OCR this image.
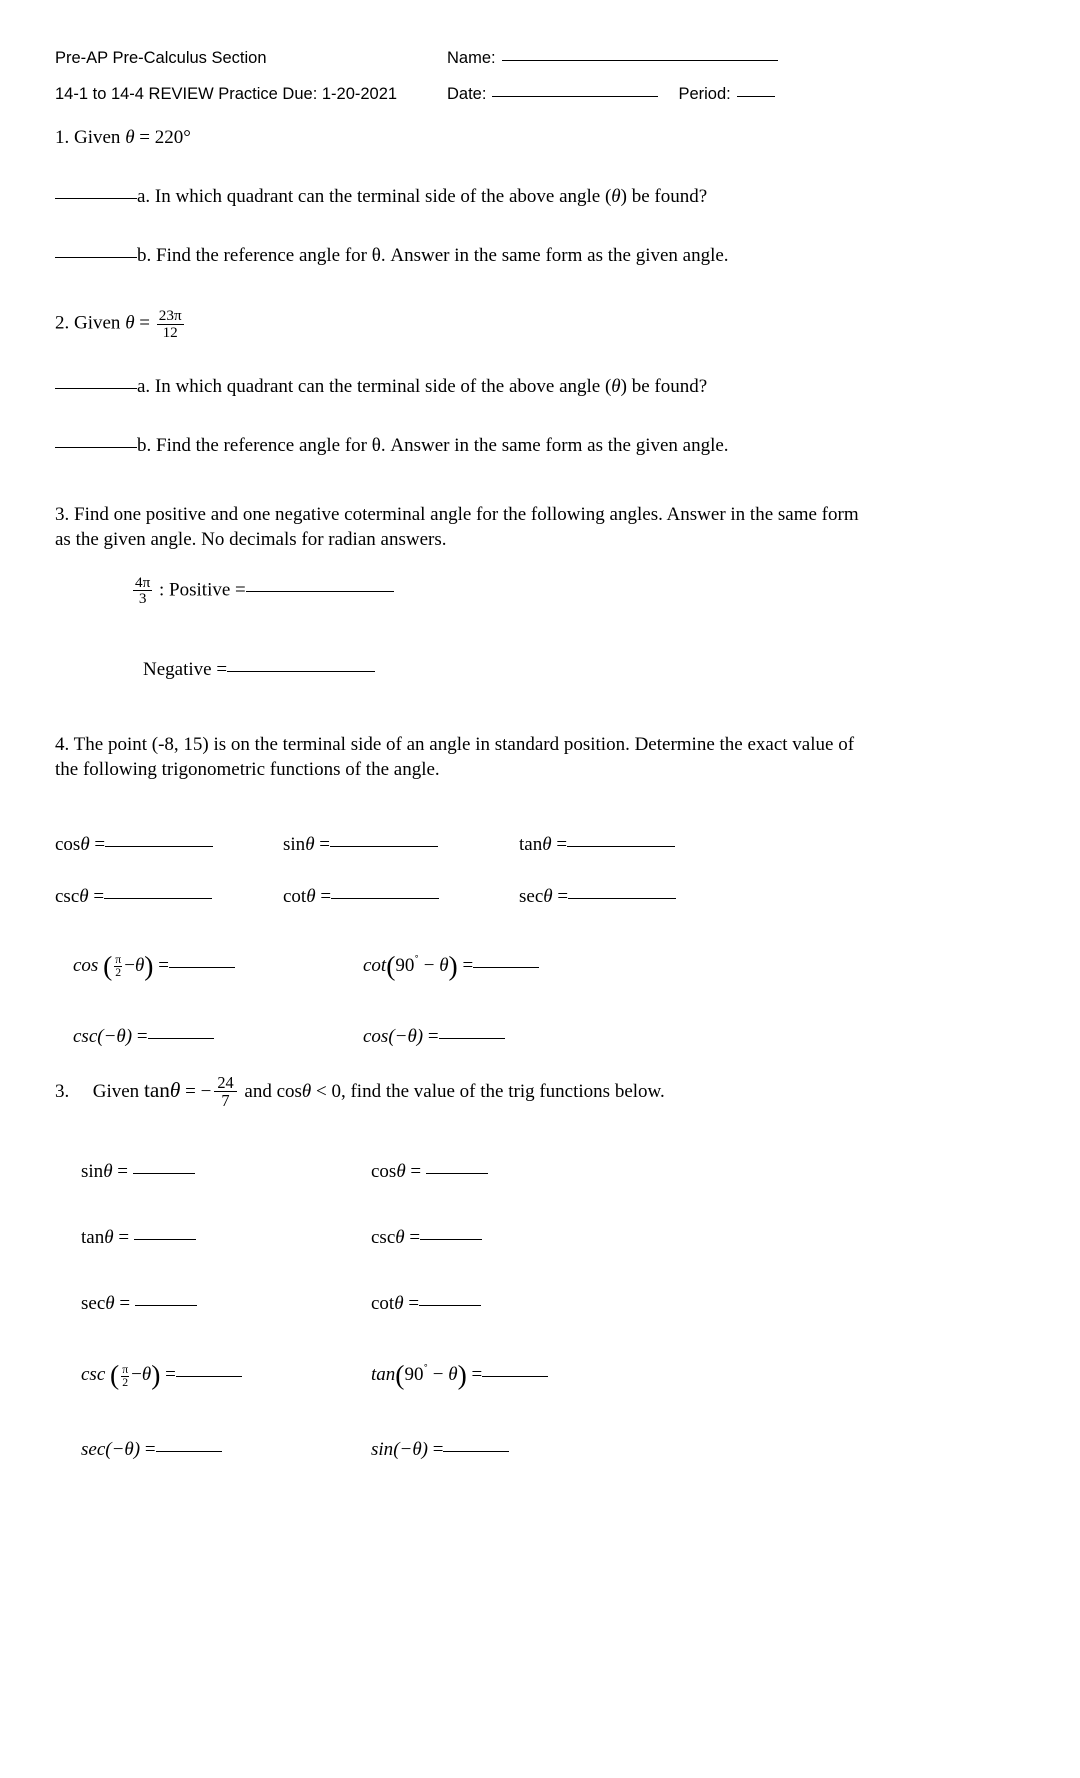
Pre-AP Pre-Calculus Section	Name:
14-1 to 14-4 REVIEW Practice Due: 1-20-2021	Date:	Period:
1. Given θ = 220°
a. In which quadrant can the terminal side of the above angle (θ) be found?
b. Find the reference angle for θ. Answer in the same form as the given angle.
2. Given $\theta = \frac{23\pi}{12}$
a. In which quadrant can the terminal side of the above angle (θ) be found?
b. Find the reference angle for θ. Answer in the same form as the given angle.
3. Find one positive and one negative coterminal angle for the following angles. Answer in the same form
as the given angle. No decimals for radian answers.
$\frac{4\pi}{3}$ : Positive =
Negative =
4. The point (-8, 15) is on the terminal side of an angle in standard position. Determine the exact value of
the following trigonometric functions of the angle.
cosθ =	sinθ =	tanθ =
cscθ =	cotθ =	secθ =
cos ( $\frac{\pi}{2} -\theta$) =	cot(90˚ − θ) =
csc(−θ) =	cos(−θ) =
3. Given tanθ = − $\frac{24}{7}$ and cosθ < 0, find the value of the trig functions below.
sinθ =	cosθ =
tanθ =	cscθ =
secθ =	cotθ =
csc ( $\frac{\pi}{2} -\theta$) =	tan(90˚ − θ) =
sec(−θ) =	sin(−θ) =
